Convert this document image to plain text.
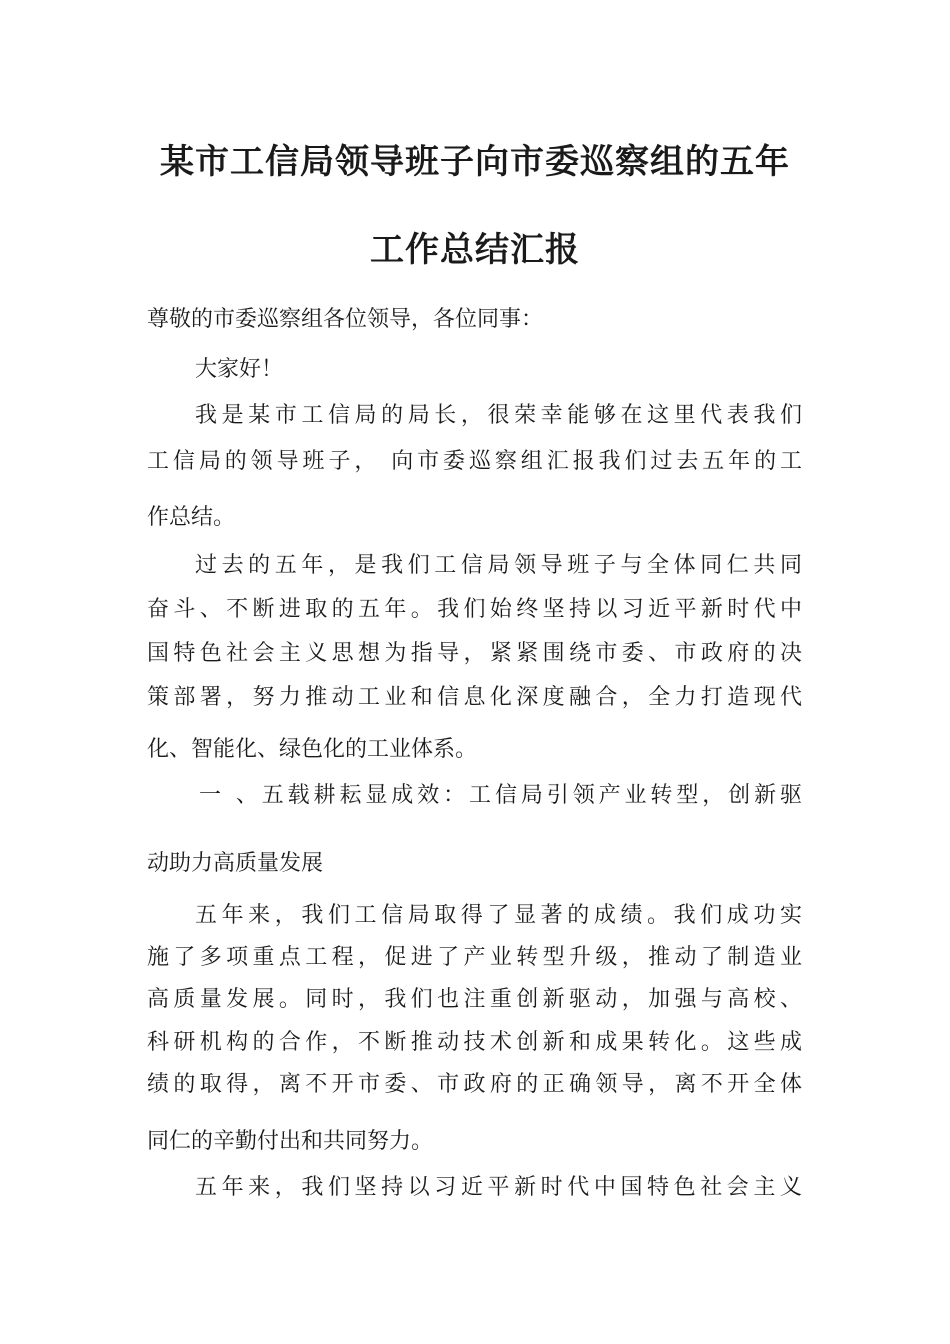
某市工信局领导班子向市委巡察组的五年
工作总结汇报
尊敬的市委巡察组各位领导，各位同事：
大家好！
我是某市工信局的局长，很荣幸能够在这里代表我们
工信局的领导班子， 向市委巡察组汇报我们过去五年的工
作总结。
过去的五年，是我们工信局领导班子与全体同仁共同
奋斗、不断进取的五年。我们始终坚持以习近平新时代中
国特色社会主义思想为指导，紧紧围绕市委、市政府的决
策部署，努力推动工业和信息化深度融合，全力打造现代
化、智能化、绿色化的工业体系。
一 、五载耕耘显成效：工信局引领产业转型，创新驱
动助力高质量发展
五年来，我们工信局取得了显著的成绩。我们成功实
施了多项重点工程，促进了产业转型升级，推动了制造业
高质量发展。同时，我们也注重创新驱动，加强与高校、
科研机构的合作，不断推动技术创新和成果转化。这些成
绩的取得，离不开市委、市政府的正确领导，离不开全体
同仁的辛勤付出和共同努力。
五年来，我们坚持以习近平新时代中国特色社会主义
